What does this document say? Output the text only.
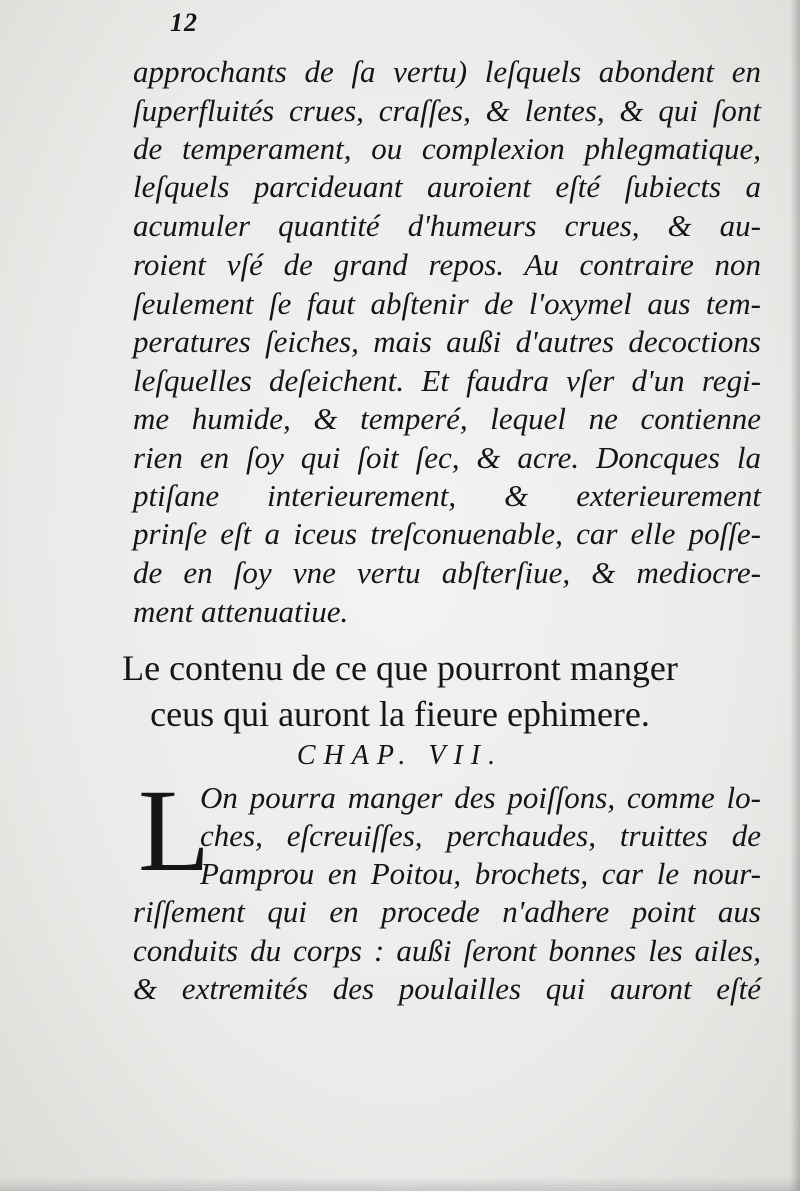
12
approchants de ſa vertu) leſquels abondent en
ſuperfluités crues, craſſes, & lentes, & qui ſont
de temperament, ou complexion phlegmatique,
leſquels parcideuant auroient eſté ſubiects a
acumuler quantité d'humeurs crues, & au-
roient vſé de grand repos. Au contraire non
ſeulement ſe faut abſtenir de l'oxymel aus tem-
peratures ſeiches, mais außi d'autres decoctions
leſquelles deſeichent. Et faudra vſer d'un regi-
me humide, & temperé, lequel ne contienne
rien en ſoy qui ſoit ſec, & acre. Doncques la
ptiſane interieurement, & exterieurement
prinſe eſt a iceus treſconuenable, car elle poſſe-
de en ſoy vne vertu abſterſiue, & mediocre-
ment attenuatiue.
Le contenu de ce que pourront manger
ceus qui auront la fieure ephimere.
CHAP. VII.
L
On pourra manger des poiſſons, comme lo-
ches, eſcreuiſſes, perchaudes, truittes de
Pamprou en Poitou, brochets, car le nour-
riſſement qui en procede n'adhere point aus
conduits du corps : außi ſeront bonnes les ailes,
& extremités des poulailles qui auront eſté
